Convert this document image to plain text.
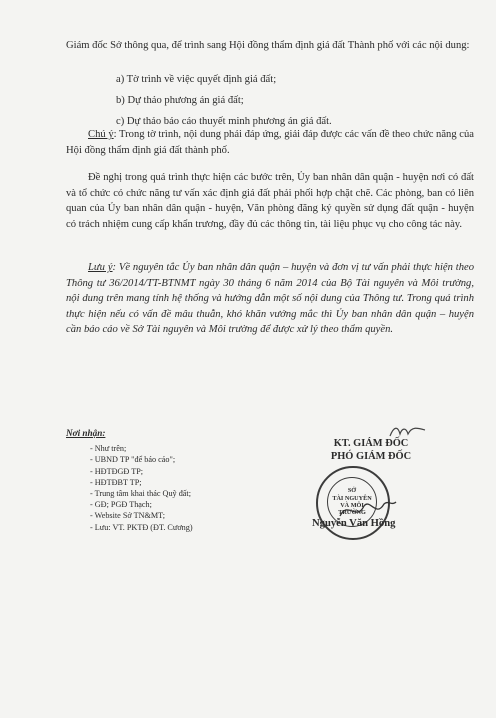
Giám đốc Sở thông qua, để trình sang Hội đồng thẩm định giá đất Thành phố với các nội dung:
a) Tờ trình về việc quyết định giá đất;
b) Dự thảo phương án giá đất;
c) Dự thảo báo cáo thuyết minh phương án giá đất.
Chú ý: Trong tờ trình, nội dung phải đáp ứng, giải đáp được các vấn đề theo chức năng của Hội đồng thẩm định giá đất thành phố.
Đề nghị trong quá trình thực hiện các bước trên, Ủy ban nhân dân quận - huyện nơi có đất và tổ chức có chức năng tư vấn xác định giá đất phải phối hợp chặt chẽ. Các phòng, ban có liên quan của Ủy ban nhân dân quận - huyện, Văn phòng đăng ký quyền sử dụng đất quận - huyện có trách nhiệm cung cấp khẩn trương, đầy đủ các thông tin, tài liệu phục vụ cho công tác này.
Lưu ý: Về nguyên tắc Ủy ban nhân dân quận – huyện và đơn vị tư vấn phải thực hiện theo Thông tư 36/2014/TT-BTNMT ngày 30 tháng 6 năm 2014 của Bộ Tài nguyên và Môi trường, nội dung trên mang tính hệ thống và hướng dẫn một số nội dung của Thông tư. Trong quá trình thực hiện nếu có vấn đề mâu thuẫn, khó khăn vướng mắc thì Ủy ban nhân dân quận – huyện cần báo cáo về Sở Tài nguyên và Môi trường để được xử lý theo thẩm quyền.
Nơi nhận:
- Như trên;
- UBND TP "để báo cáo";
- HĐTĐGĐ TP;
- HĐTĐBT TP;
- Trung tâm khai thác Quỹ đất;
- GĐ; PGĐ Thạch;
- Website Sở TN&MT;
- Lưu: VT. PKTĐ (ĐT. Cương)
KT. GIÁM ĐỐC
PHÓ GIÁM ĐỐC
SỞ
TÀI NGUYÊN
VÀ MÔI TRƯỜNG
Nguyễn Văn Hồng
